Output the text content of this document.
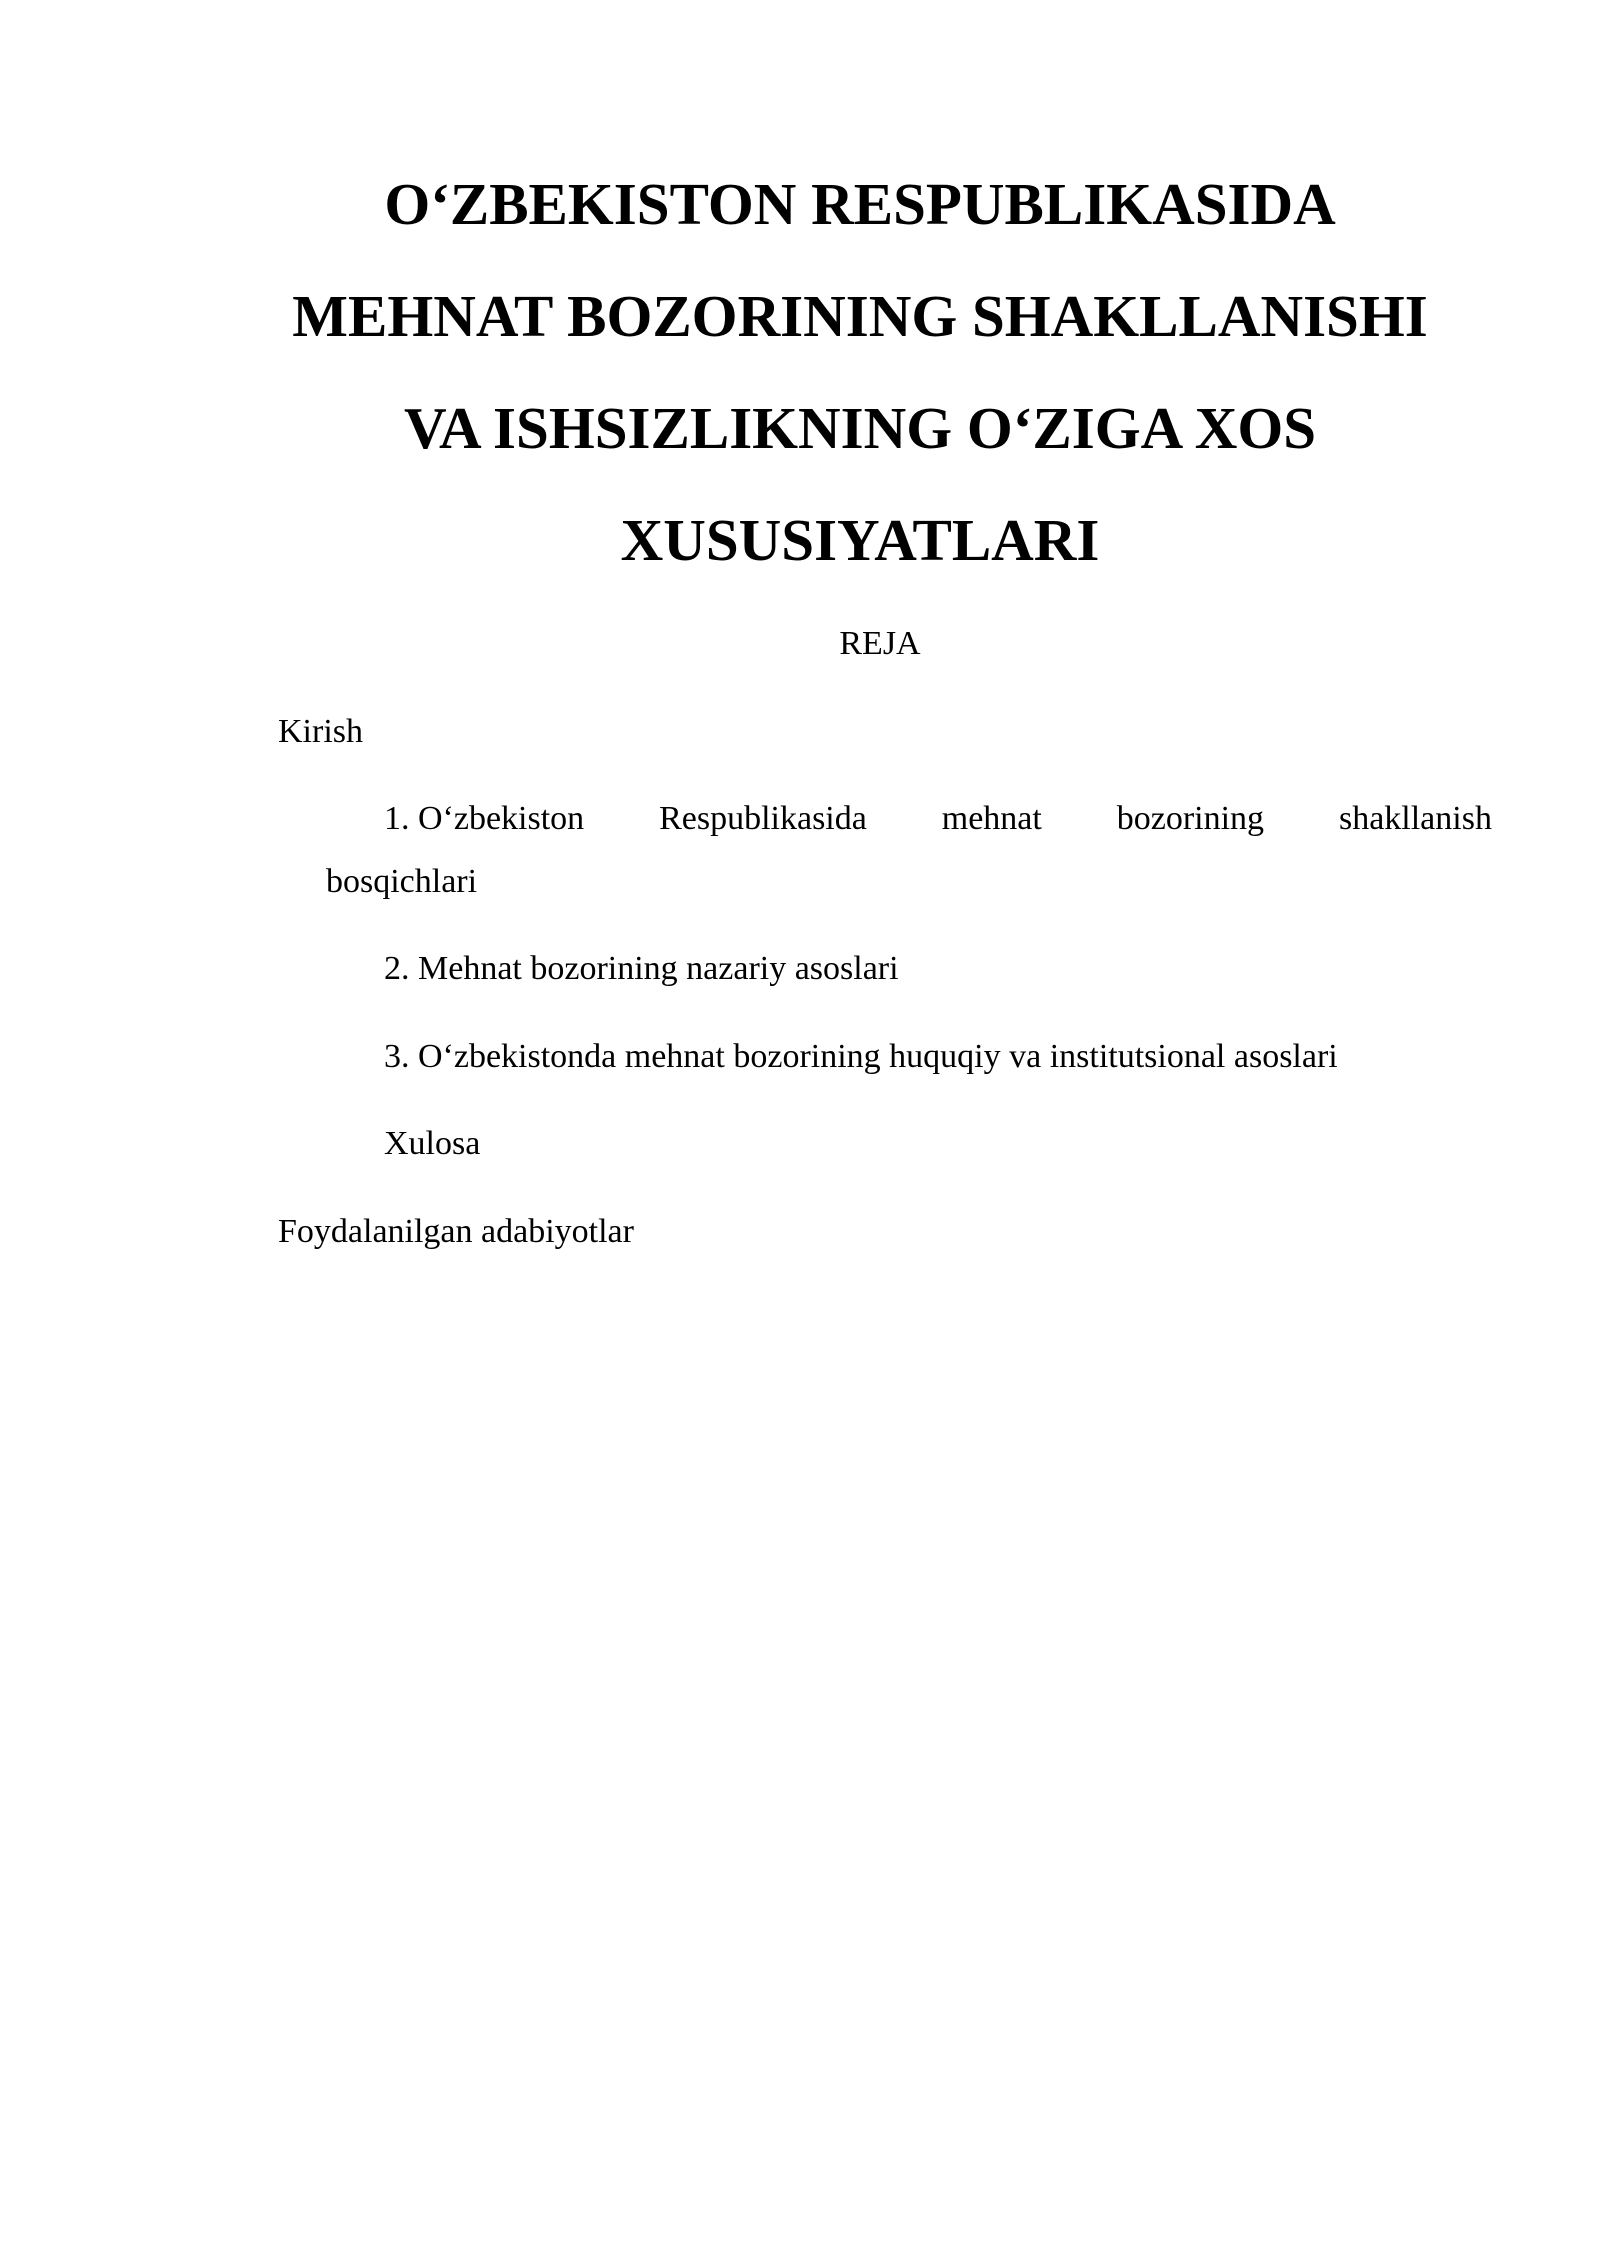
O‘ZBEKISTON RESPUBLIKASIDA
MEHNAT BOZORINING SHAKLLANISHI
VA ISHSIZLIKNING O‘ZIGA XOS
XUSUSIYATLARI

REJA

Kirish

1. O‘zbekiston Respublikasida mehnat bozorining shakllanish
bosqichlari

2. Mehnat bozorining nazariy asoslari

3. O‘zbekistonda mehnat bozorining huquqiy va institutsional asoslari

Xulosa

Foydalanilgan adabiyotlar
